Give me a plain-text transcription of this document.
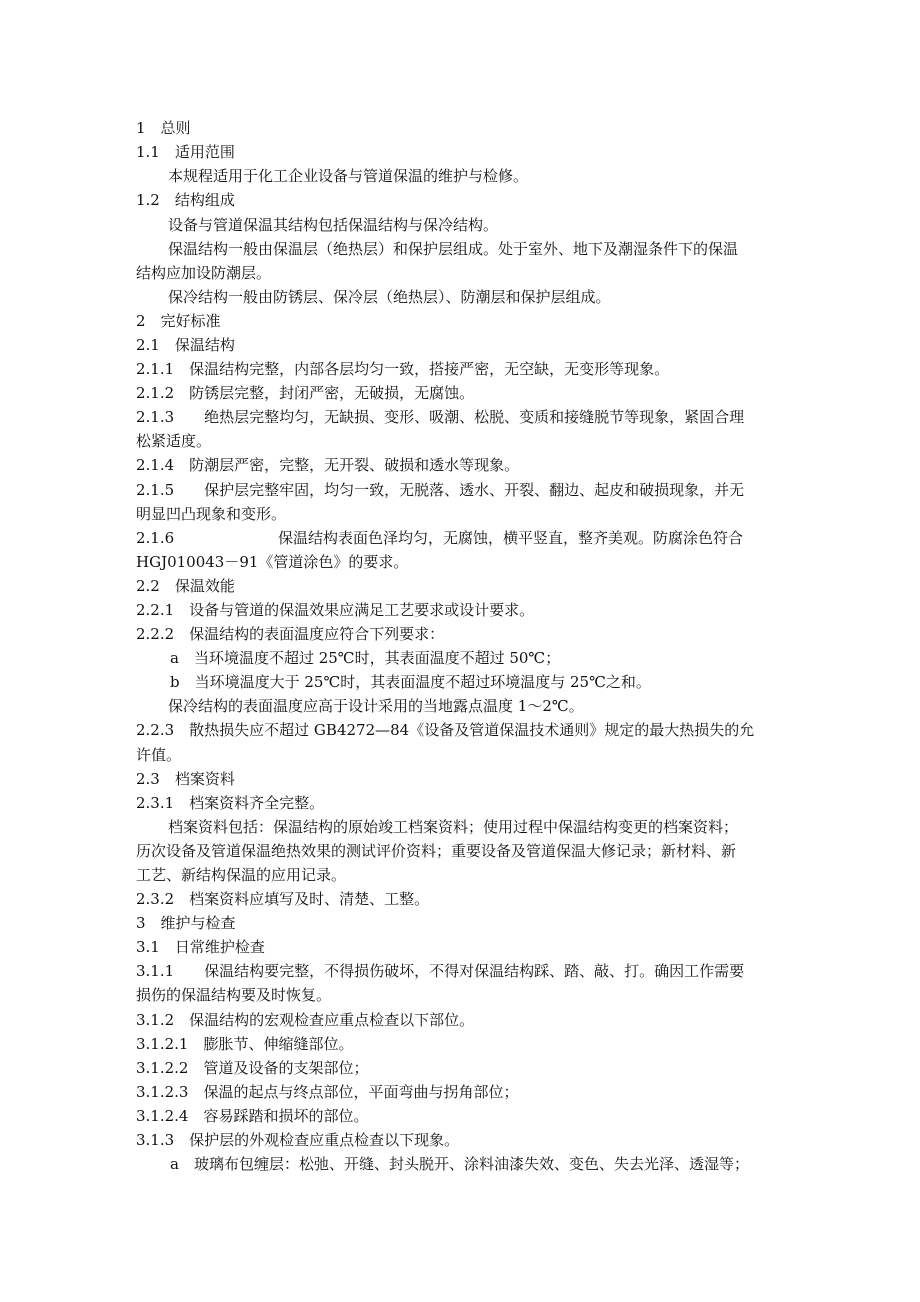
1　总则
1.1　适用范围
本规程适用于化工企业设备与管道保温的维护与检修。
1.2　结构组成
设备与管道保温其结构包括保温结构与保冷结构。
保温结构一般由保温层（绝热层）和保护层组成。处于室外、地下及潮湿条件下的保温
结构应加设防潮层。
保冷结构一般由防锈层、保冷层（绝热层）、防潮层和保护层组成。
2　完好标准
2.1　保温结构
2.1.1　保温结构完整，内部各层均匀一致，搭接严密，无空缺，无变形等现象。
2.1.2　防锈层完整，封闭严密，无破损，无腐蚀。
2.1.3　　绝热层完整均匀，无缺损、变形、吸潮、松脱、变质和接缝脱节等现象，紧固合理
松紧适度。
2.1.4　防潮层严密，完整，无开裂、破损和透水等现象。
2.1.5　　保护层完整牢固，均匀一致，无脱落、透水、开裂、翻边、起皮和破损现象，并无
明显凹凸现象和变形。
2.1.6	保温结构表面色泽均匀，无腐蚀，横平竖直，整齐美观。防腐涂色符合
HGJ010043－91《管道涂色》的要求。
2.2　保温效能
2.2.1　设备与管道的保温效果应满足工艺要求或设计要求。
2.2.2　保温结构的表面温度应符合下列要求：
a　当环境温度不超过 25℃时，其表面温度不超过 50℃；
b　当环境温度大于 25℃时，其表面温度不超过环境温度与 25℃之和。
保冷结构的表面温度应高于设计采用的当地露点温度 1～2℃。
2.2.3　散热损失应不超过 GB4272—84《设备及管道保温技术通则》规定的最大热损失的允
许值。
2.3　档案资料
2.3.1　档案资料齐全完整。
档案资料包括：保温结构的原始竣工档案资料；使用过程中保温结构变更的档案资料；
历次设备及管道保温绝热效果的测试评价资料；重要设备及管道保温大修记录；新材料、新
工艺、新结构保温的应用记录。
2.3.2　档案资料应填写及时、清楚、工整。
3　维护与检查
3.1　日常维护检查
3.1.1　　保温结构要完整，不得损伤破坏，不得对保温结构踩、踏、敲、打。确因工作需要
损伤的保温结构要及时恢复。
3.1.2　保温结构的宏观检查应重点检查以下部位。
3.1.2.1　膨胀节、伸缩缝部位。
3.1.2.2　管道及设备的支架部位；
3.1.2.3　保温的起点与终点部位，平面弯曲与拐角部位；
3.1.2.4　容易踩踏和损坏的部位。
3.1.3　保护层的外观检查应重点检查以下现象。
a　玻璃布包缠层：松弛、开缝、封头脱开、涂料油漆失效、变色、失去光泽、透湿等；
